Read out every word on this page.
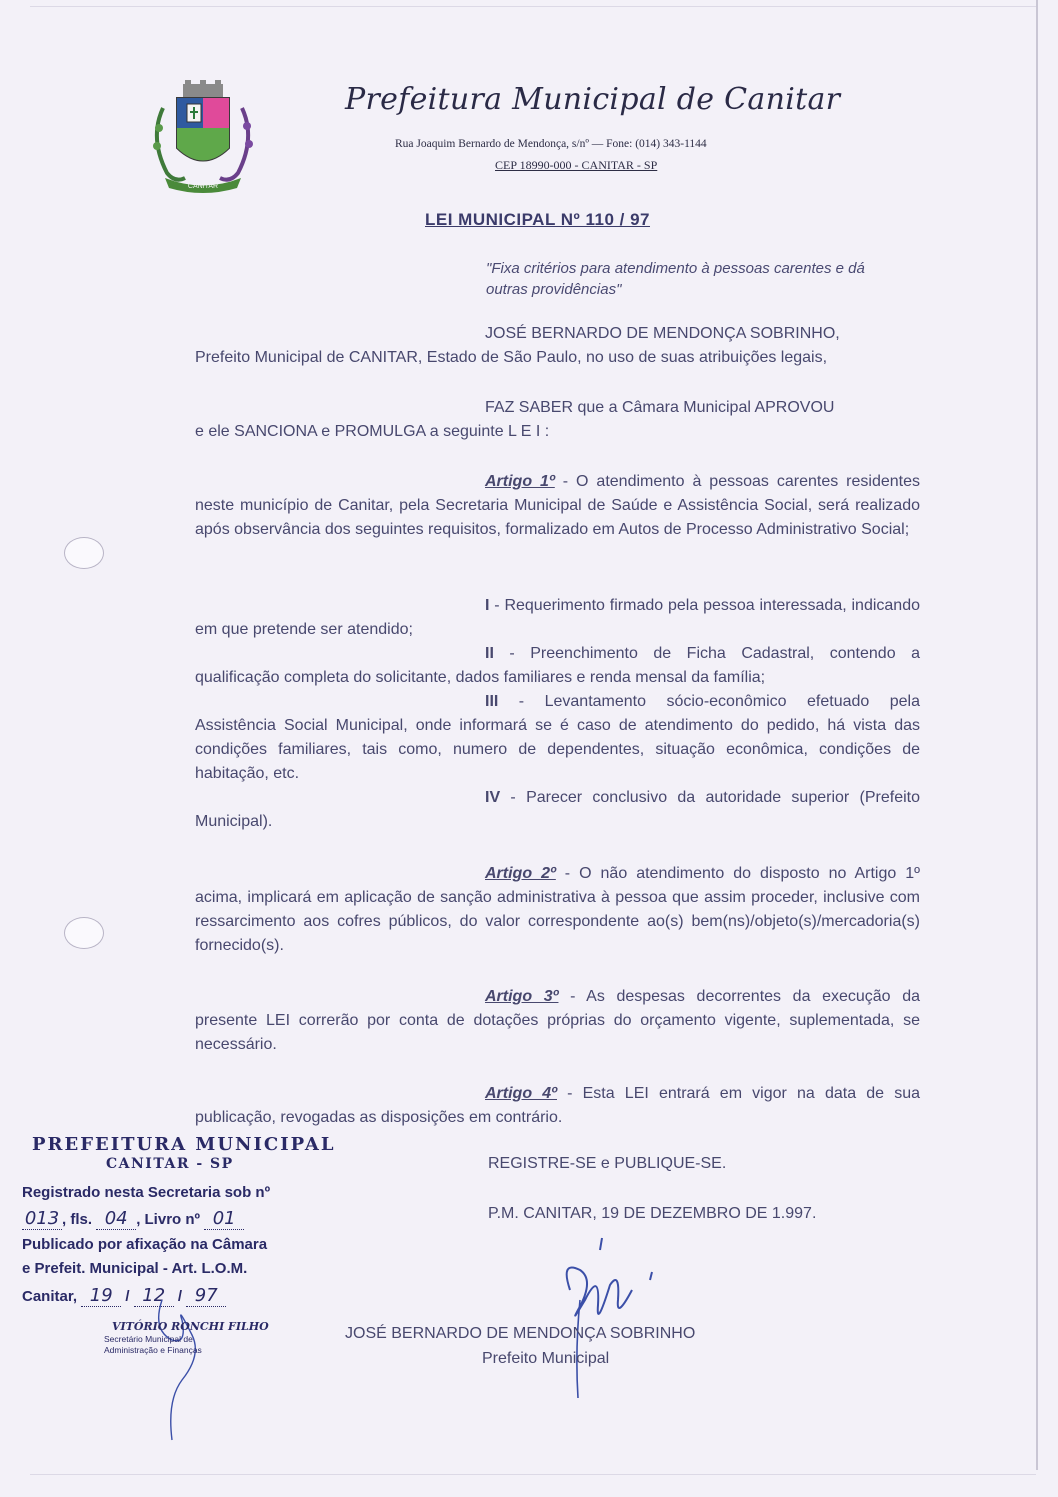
CANITAR
Prefeitura Municipal de Canitar
Rua Joaquim Bernardo de Mendonça, s/nº — Fone: (014) 343-1144
CEP 18990-000 - CANITAR - SP
LEI MUNICIPAL Nº 110 / 97
"Fixa critérios para atendimento à pessoas carentes e dá outras providências"

JOSÉ BERNARDO DE MENDONÇA SOBRINHO,

Prefeito Municipal de CANITAR, Estado de São Paulo, no uso de suas atribuições legais,

FAZ SABER que a Câmara Municipal APROVOU

e ele SANCIONA e PROMULGA a seguinte L E I :

Artigo 1º - O atendimento à pessoas carentes residentes neste município de Canitar, pela Secretaria Municipal de Saúde e Assistência Social, será realizado após observância dos seguintes requisitos, formalizado em Autos de Processo Administrativo Social;

I - Requerimento firmado pela pessoa interessada, indicando em que pretende ser atendido;

II - Preenchimento de Ficha Cadastral, contendo a qualificação completa do solicitante, dados familiares e renda mensal da família;

III - Levantamento sócio-econômico efetuado pela Assistência Social Municipal, onde informará se é caso de atendimento do pedido, há vista das condições familiares, tais como, numero de dependentes, situação econômica, condições de habitação, etc.

IV - Parecer conclusivo da autoridade superior (Prefeito Municipal).

Artigo 2º - O não atendimento do disposto no Artigo 1º acima, implicará em aplicação de sanção administrativa à pessoa que assim proceder, inclusive com ressarcimento aos cofres públicos, do valor correspondente ao(s) bem(ns)/objeto(s)/mercadoria(s) fornecido(s).

Artigo 3º - As despesas decorrentes da execução da presente LEI correrão por conta de dotações próprias do orçamento vigente, suplementada, se necessário.

Artigo 4º - Esta LEI entrará em vigor na data de sua publicação, revogadas as disposições em contrário.

REGISTRE-SE e PUBLIQUE-SE.
P.M. CANITAR, 19 DE DEZEMBRO DE 1.997.
JOSÉ BERNARDO DE MENDONÇA SOBRINHO
Prefeito Municipal
PREFEITURA MUNICIPAL
CANITAR - SP
Registrado nesta Secretaria sob nº
013 , fls. 04 , Livro nº 01
Publicado por afixação na Câmara
e Prefeit. Municipal - Art. L.O.M.
Canitar, 19 / 12 / 97
VITÓRIO RONCHI FILHO
Secretário Municipal de
Administração e Finanças
